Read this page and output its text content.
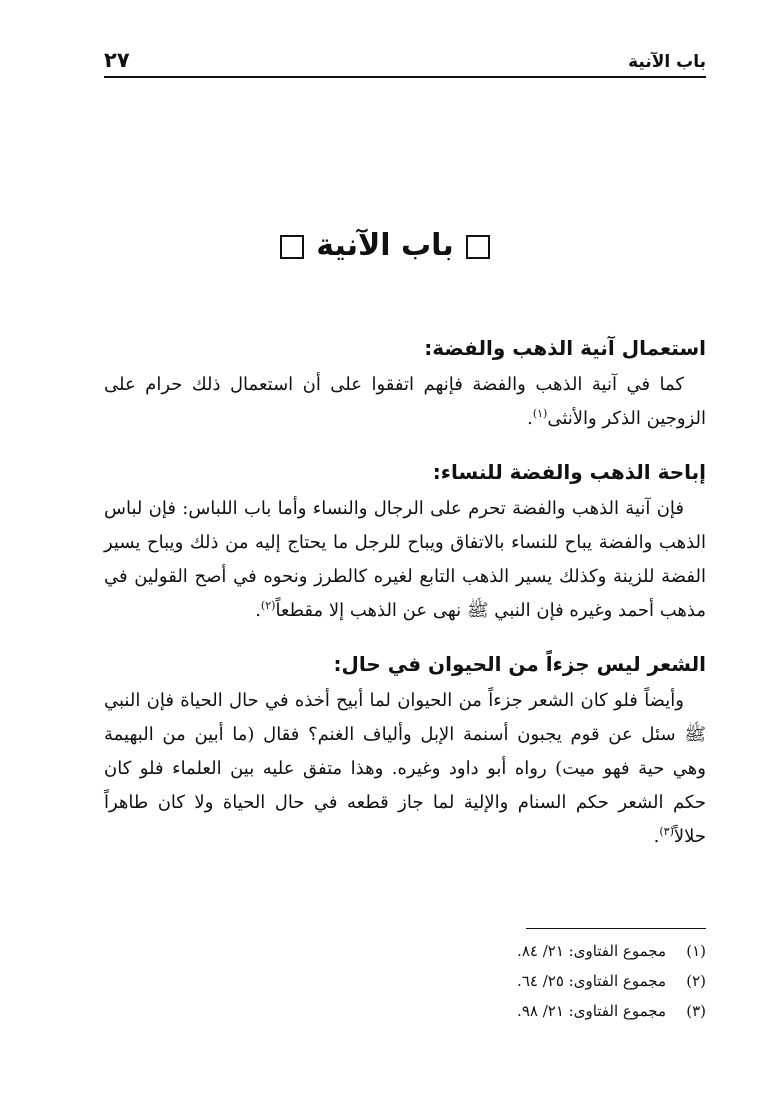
باب الآنية
٢٧
باب الآنية
استعمال آنية الذهب والفضة:

كما في آنية الذهب والفضة فإنهم اتفقوا على أن استعمال ذلك حرام على الزوجين الذكر والأنثى$^{(١)}$.

إباحة الذهب والفضة للنساء:

فإن آنية الذهب والفضة تحرم على الرجال والنساء وأما باب اللباس: فإن لباس الذهب والفضة يباح للنساء بالاتفاق ويباح للرجل ما يحتاج إليه من ذلك ويباح يسير الفضة للزينة وكذلك يسير الذهب التابع لغيره كالطرز ونحوه في أصح القولين في مذهب أحمد وغيره فإن النبي ﷺ نهى عن الذهب إلا مقطعاً$^{(٢)}$.

الشعر ليس جزءاً من الحيوان في حال:

وأيضاً فلو كان الشعر جزءاً من الحيوان لما أبيح أخذه في حال الحياة فإن النبي ﷺ سئل عن قوم يجبون أسنمة الإبل وألياف الغنم؟ فقال (ما أبين من البهيمة وهي حية فهو ميت) رواه أبو داود وغيره. وهذا متفق عليه بين العلماء فلو كان حكم الشعر حكم السنام والإلية لما جاز قطعه في حال الحياة ولا كان طاهراً حلالاً$^{(٣)}$.

(١)
مجموع الفتاوى: ٢١/ ٨٤.
(٢)
مجموع الفتاوى: ٢٥/ ٦٤.
(٣)
مجموع الفتاوى: ٢١/ ٩٨.
